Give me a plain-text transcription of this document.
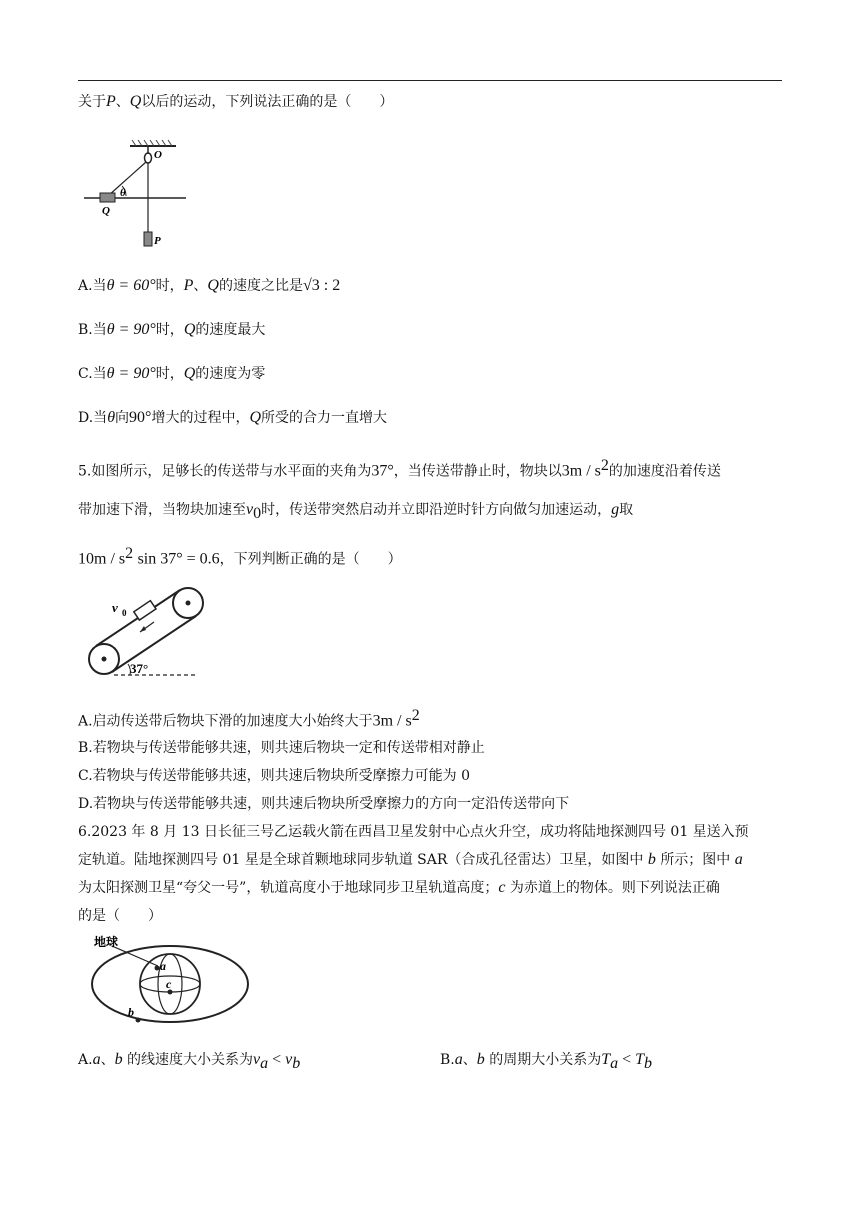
关于P、Q以后的运动，下列说法正确的是（　　）
O
θ
Q
P
A.当θ = 60°时，P、Q的速度之比是√3 : 2
B.当θ = 90°时，Q的速度最大
C.当θ = 90°时，Q的速度为零
D.当θ向90°增大的过程中，Q所受的合力一直增大
5.如图所示，足够长的传送带与水平面的夹角为37°，当传送带静止时，物块以$3m / s^2$的加速度沿着传送
带加速下滑，当物块加速至$v_0$时，传送带突然启动并立即沿逆时针方向做匀加速运动，g取
$10m / s^2$ sin 37° = 0.6，下列判断正确的是（　　）
v 0
37°
A.启动传送带后物块下滑的加速度大小始终大于$3m / s^2$
B.若物块与传送带能够共速，则共速后物块一定和传送带相对静止
C.若物块与传送带能够共速，则共速后物块所受摩擦力可能为 0
D.若物块与传送带能够共速，则共速后物块所受摩擦力的方向一定沿传送带向下
6.2023 年 8 月 13 日长征三号乙运载火箭在西昌卫星发射中心点火升空，成功将陆地探测四号 01 星送入预
定轨道。陆地探测四号 01 星是全球首颗地球同步轨道 SAR（合成孔径雷达）卫星，如图中 b 所示；图中 a
为太阳探测卫星“夸父一号”，轨道高度小于地球同步卫星轨道高度；c 为赤道上的物体。则下列说法正确
的是（　　）
地球
a
c
b
A.a、b 的线速度大小关系为$v_a < v_b$	B.a、b 的周期大小关系为$T_a < T_b$
